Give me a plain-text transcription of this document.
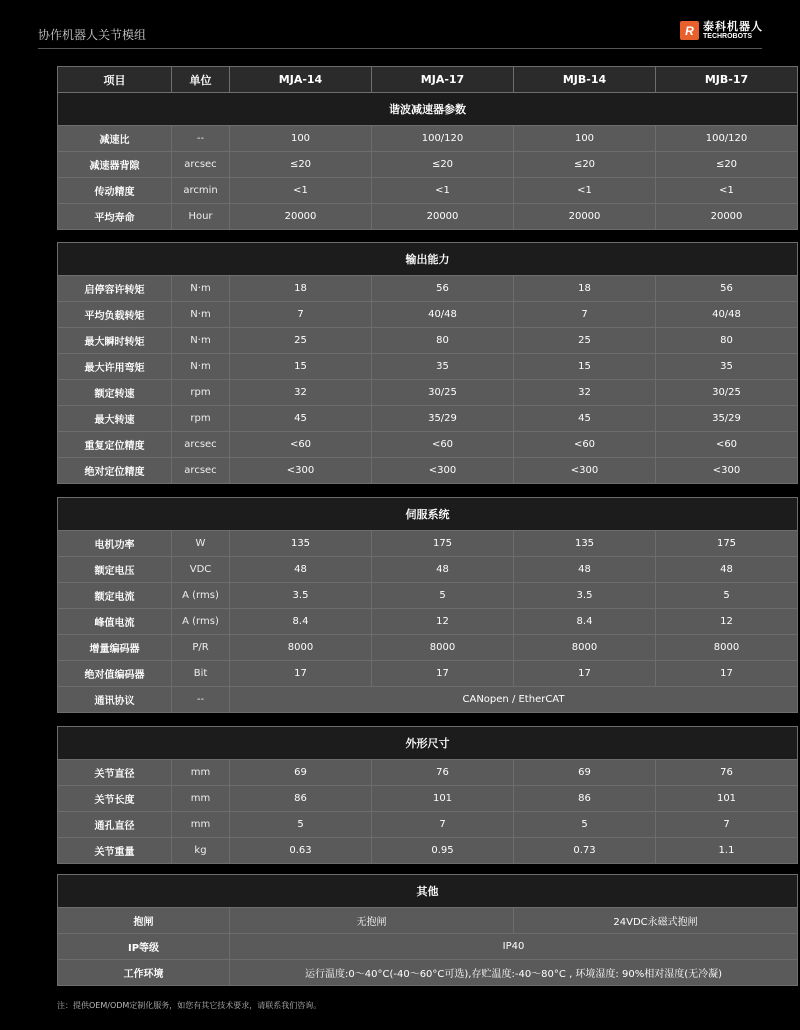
协作机器人关节模组	R 泰科机器人
TECHROBOTS
项目	单位	MJA-14	MJA-17	MJB-14	MJB-17
谐波减速器参数					
减速比	--	100	100/120	100	100/120
减速器背隙	arcsec	≤20	≤20	≤20	≤20
传动精度	arcmin	<1	<1	<1	<1
平均寿命	Hour	20000	20000	20000	20000
输出能力					
启停容许转矩	N·m	18	56	18	56
平均负载转矩	N·m	7	40/48	7	40/48
最大瞬时转矩	N·m	25	80	25	80
最大许用弯矩	N·m	15	35	15	35
额定转速	rpm	32	30/25	32	30/25
最大转速	rpm	45	35/29	45	35/29
重复定位精度	arcsec	<60	<60	<60	<60
绝对定位精度	arcsec	<300	<300	<300	<300
伺服系统					
电机功率	W	135	175	135	175
额定电压	VDC	48	48	48	48
额定电流	A (rms)	3.5	5	3.5	5
峰值电流	A (rms)	8.4	12	8.4	12
增量编码器	P/R	8000	8000	8000	8000
绝对值编码器	Bit	17	17	17	17
通讯协议	--	CANopen / EtherCAT			
外形尺寸					
关节直径	mm	69	76	69	76
关节长度	mm	86	101	86	101
通孔直径	mm	5	7	5	7
关节重量	kg	0.63	0.95	0.73	1.1
其他		
抱闸	无抱闸	24VDC永磁式抱闸
IP等级	IP40	
工作环境	运行温度:0～40°C(-40～60°C可选),存贮温度:-40～80°C , 环境湿度: 90%相对湿度(无冷凝)	
注：提供OEM/ODM定制化服务，如您有其它技术要求，请联系我们咨询。
